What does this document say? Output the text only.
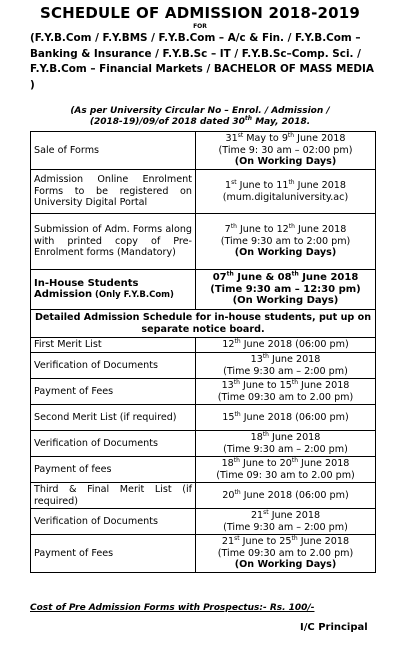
SCHEDULE OF ADMISSION 2018-2019
FOR
(F.Y.B.Com / F.Y.BMS / F.Y.B.Com – A/c & Fin. / F.Y.B.Com – Banking & Insurance / F.Y.B.Sc – IT / F.Y.B.Sc–Comp. Sci. / F.Y.B.Com – Financial Markets / BACHELOR OF MASS MEDIA )
(As per University Circular No – Enrol. / Admission /
(2018-19)/09/of 2018 dated 30th May, 2018.
Sale of Forms	31st May to 9th June 2018
(Time 9: 30 am – 02:00 pm)
(On Working Days)
Admission Online Enrolment Forms to be registered on University Digital Portal	1st June to 11th June 2018
(mum.digitaluniversity.ac)
Submission of Adm. Forms along with printed copy of Pre-Enrolment forms (Mandatory)	7th June to 12th June 2018
(Time 9:30 am to 2:00 pm)
(On Working Days)
In-House Students Admission (Only F.Y.B.Com)	07th June & 08th June 2018
(Time 9:30 am – 12:30 pm)
(On Working Days)
Detailed Admission Schedule for in-house students, put up on separate notice board.	
First Merit List	12th June 2018 (06:00 pm)
Verification of Documents	13th June 2018
(Time 9:30 am – 2:00 pm)
Payment of Fees	13th June to 15th June 2018
(Time 09:30 am to 2.00 pm)
Second Merit List (if required)	15th June 2018 (06:00 pm)
Verification of Documents	18th June 2018
(Time 9:30 am – 2:00 pm)
Payment of fees	18th June to 20th June 2018
(Time 09: 30 am to 2.00 pm)
Third & Final Merit List (if required)	20th June 2018 (06:00 pm)
Verification of Documents	21st June 2018
(Time 9:30 am – 2:00 pm)
Payment of Fees	21st June to 25th June 2018
(Time 09:30 am to 2.00 pm)
(On Working Days)
Cost of Pre Admission Forms with Prospectus:- Rs. 100/-
I/C Principal
